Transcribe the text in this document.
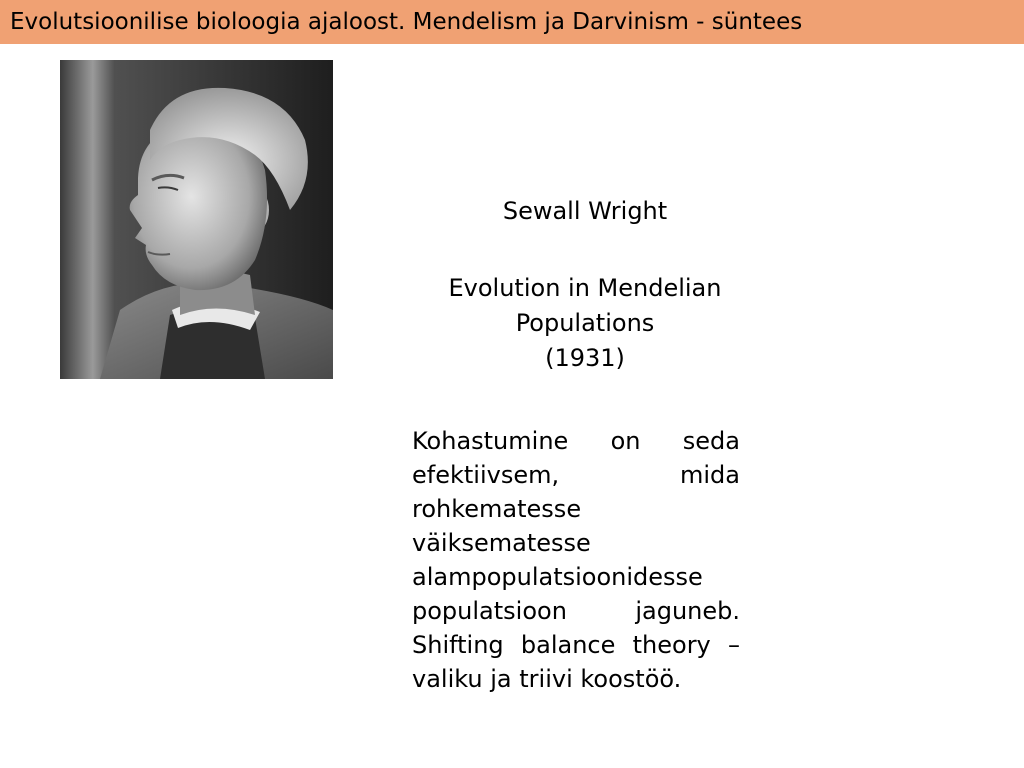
Evolutsioonilise bioloogia ajaloost. Mendelism ja Darvinism - süntees
Sewall Wright
Evolution in Mendelian
Populations
(1931)
Kohastumine on seda efektiivsem, mida rohkematesse väiksematesse alampopulatsioonidesse populatsioon jaguneb. Shifting balance theory – valiku ja triivi koostöö.
